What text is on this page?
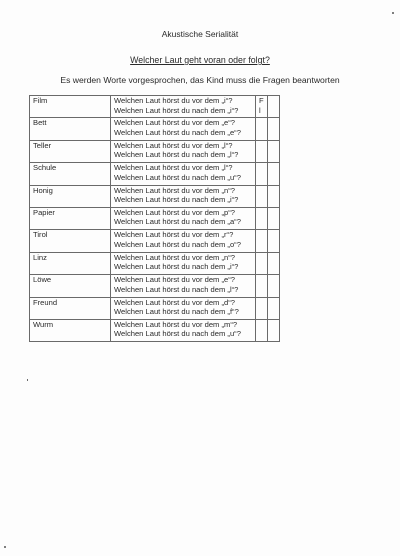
Akustische Serialität
Welcher Laut geht voran oder folgt?
Es werden Worte vorgesprochen, das Kind muss die Fragen beantworten
Film	Welchen Laut hörst du vor dem „i“?
Welchen Laut hörst du nach dem „i“?	F
l	

Bett	Welchen Laut hörst du vor dem „e“?
Welchen Laut hörst du nach dem „e“?		

Teller	Welchen Laut hörst du vor dem „l“?
Welchen Laut hörst du nach dem „l“?		

Schule	Welchen Laut hörst du vor dem „l“?
Welchen Laut hörst du nach dem „u“?		

Honig	Welchen Laut hörst du vor dem „n“?
Welchen Laut hörst du nach dem „i“?		

Papier	Welchen Laut hörst du vor dem „p“?
Welchen Laut hörst du nach dem „a“?		

Tirol	Welchen Laut hörst du vor dem „r“?
Welchen Laut hörst du nach dem „o“?		

Linz	Welchen Laut hörst du vor dem „n“?
Welchen Laut hörst du nach dem „i“?		

Löwe	Welchen Laut hörst du vor dem „e“?
Welchen Laut hörst du nach dem „l“?		

Freund	Welchen Laut hörst du vor dem „d“?
Welchen Laut hörst du nach dem „f“?		

Wurm	Welchen Laut hörst du vor dem „m“?
Welchen Laut hörst du nach dem „u“?		
